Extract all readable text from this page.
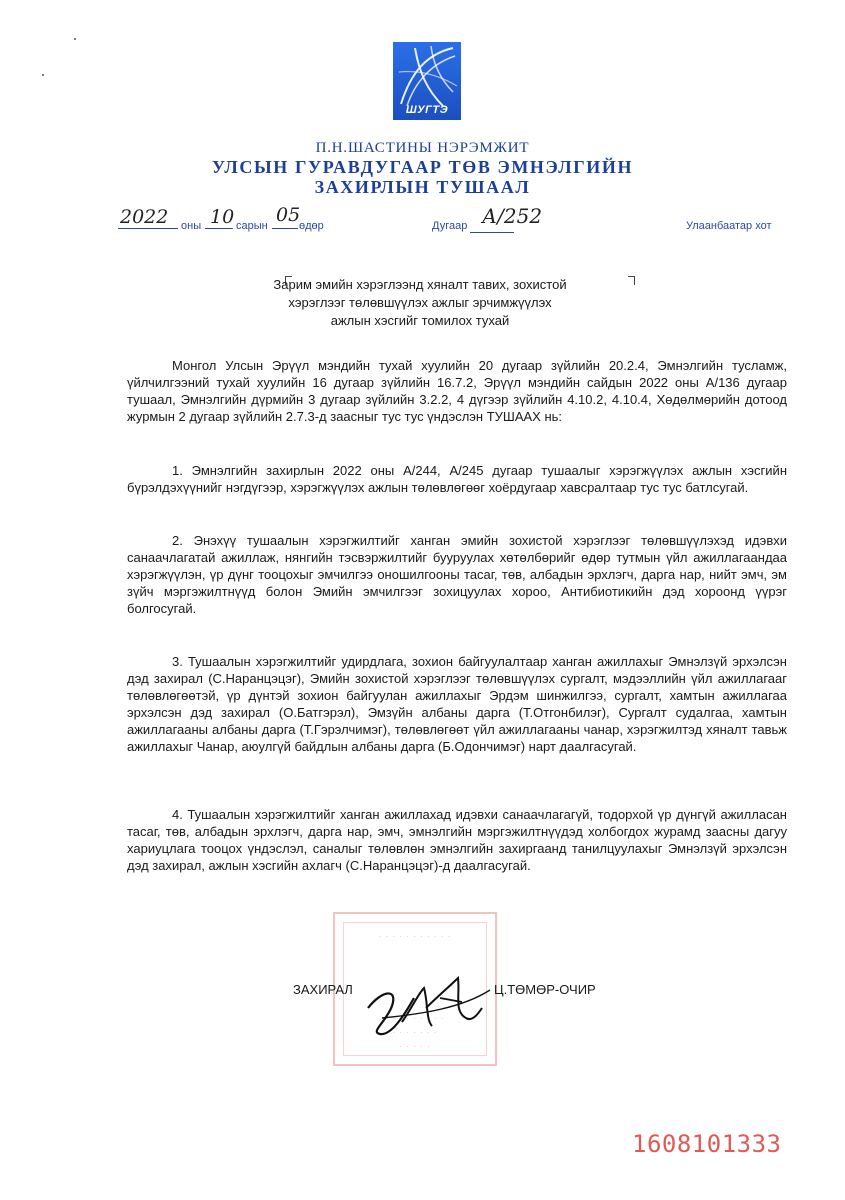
ШУГТЭ
П.Н.ШАСТИНЫ НЭРЭМЖИТ
УЛСЫН ГУРАВДУГААР ТӨВ ЭМНЭЛГИЙН
ЗАХИРЛЫН ТУШААЛ
2022 оны 10 сарын 05
өдөр	Дугаар А/252	Улаанбаатар хот
Зарим эмийн хэрэглээнд хяналт тавих, зохистой
хэрэглээг төлөвшүүлэх ажлыг эрчимжүүлэх
ажлын хэсгийг томилох тухай

Монгол Улсын Эрүүл мэндийн тухай хуулийн 20 дугаар зүйлийн 20.2.4, Эмнэлгийн тусламж, үйлчилгээний тухай хуулийн 16 дугаар зүйлийн 16.7.2, Эрүүл мэндийн сайдын 2022 оны А/136 дугаар тушаал, Эмнэлгийн дүрмийн 3 дугаар зүйлийн 3.2.2, 4 дүгээр зүйлийн 4.10.2, 4.10.4, Хөдөлмөрийн дотоод журмын 2 дугаар зүйлийн 2.7.3-д заасныг тус тус үндэслэн ТУШААХ нь:

1. Эмнэлгийн захирлын 2022 оны А/244, А/245 дугаар тушаалыг хэрэгжүүлэх ажлын хэсгийн бүрэлдэхүүнийг нэгдүгээр, хэрэгжүүлэх ажлын төлөвлөгөөг хоёрдугаар хавсралтаар тус тус батлсугай.

2. Энэхүү тушаалын хэрэгжилтийг ханган эмийн зохистой хэрэглээг төлөвшүүлэхэд идэвхи санаачлагатай ажиллаж, нянгийн тэсвэржилтийг бууруулах хөтөлбөрийг өдөр тутмын үйл ажиллагаандаа хэрэгжүүлэн, үр дүнг тооцохыг эмчилгээ оношилгооны тасаг, төв, албадын эрхлэгч, дарга нар, нийт эмч, эм зүйч мэргэжилтнүүд болон Эмийн эмчилгээг зохицуулах хороо, Антибиотикийн дэд хороонд үүрэг болгосугай.

3. Тушаалын хэрэгжилтийг удирдлага, зохион байгуулалтаар ханган ажиллахыг Эмнэлзүй эрхэлсэн дэд захирал (С.Наранцэцэг), Эмийн зохистой хэрэглээг төлөвшүүлэх сургалт, мэдээллийн үйл ажиллагааг төлөвлөгөөтэй, үр дүнтэй зохион байгуулан ажиллахыг Эрдэм шинжилгээ, сургалт, хамтын ажиллагаа эрхэлсэн дэд захирал (О.Батгэрэл), Эмзүйн албаны дарга (Т.Отгонбилэг), Сургалт судалгаа, хамтын ажиллагааны албаны дарга (Т.Гэрэлчимэг), төлөвлөгөөт үйл ажиллагааны чанар, хэрэгжилтэд хяналт тавьж ажиллахыг Чанар, аюулгүй байдлын албаны дарга (Б.Одончимэг) нарт даалгасугай.

4. Тушаалын хэрэгжилтийг ханган ажиллахад идэвхи санаачлагагүй, тодорхой үр дүнгүй ажилласан тасаг, төв, албадын эрхлэгч, дарга нар, эмч, эмнэлгийн мэргэжилтнүүдэд холбогдох журамд заасны дагуу хариуцлага тооцох үндэслэл, саналыг төлөвлөн эмнэлгийн захиргаанд танилцуулахыг Эмнэлзүй эрхэлсэн дэд захирал, ажлын хэсгийн ахлагч (С.Наранцэцэг)-д даалгасугай.

· · · · · · · · · · ·
· · · · · · · · ·
· · · · · · ·
· · · · ·
ЗАХИРАЛ	Ц.ТӨМӨР-ОЧИР
1608101333
